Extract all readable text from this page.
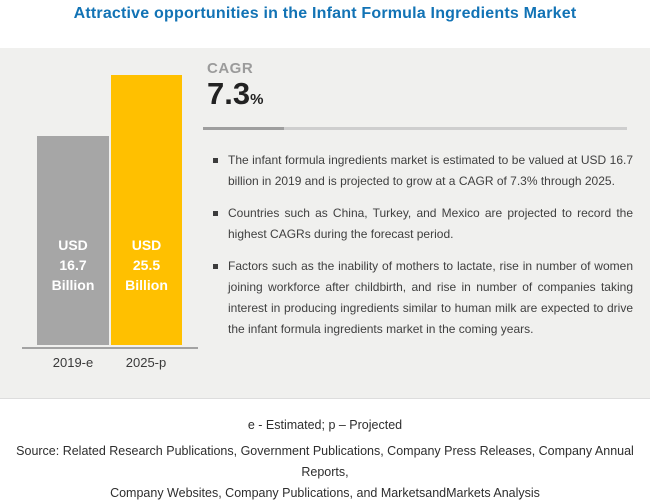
Attractive opportunities in the Infant Formula Ingredients Market
USD
16.7
Billion
USD
25.5
Billion
2019-e	2025-p
CAGR
7.3%
The infant formula ingredients market is estimated to be valued at USD 16.7 billion in 2019 and is projected to grow at a CAGR of 7.3% through 2025.
Countries such as China, Turkey, and Mexico are projected to record the highest CAGRs during the forecast period.
Factors such as the inability of mothers to lactate, rise in number of women joining workforce after childbirth, and rise in number of companies taking interest in producing ingredients similar to human milk are expected to drive the infant formula ingredients market in the coming years.
e - Estimated; p – Projected
Source: Related Research Publications, Government Publications, Company Press Releases, Company Annual Reports,
Company Websites, Company Publications, and MarketsandMarkets Analysis
